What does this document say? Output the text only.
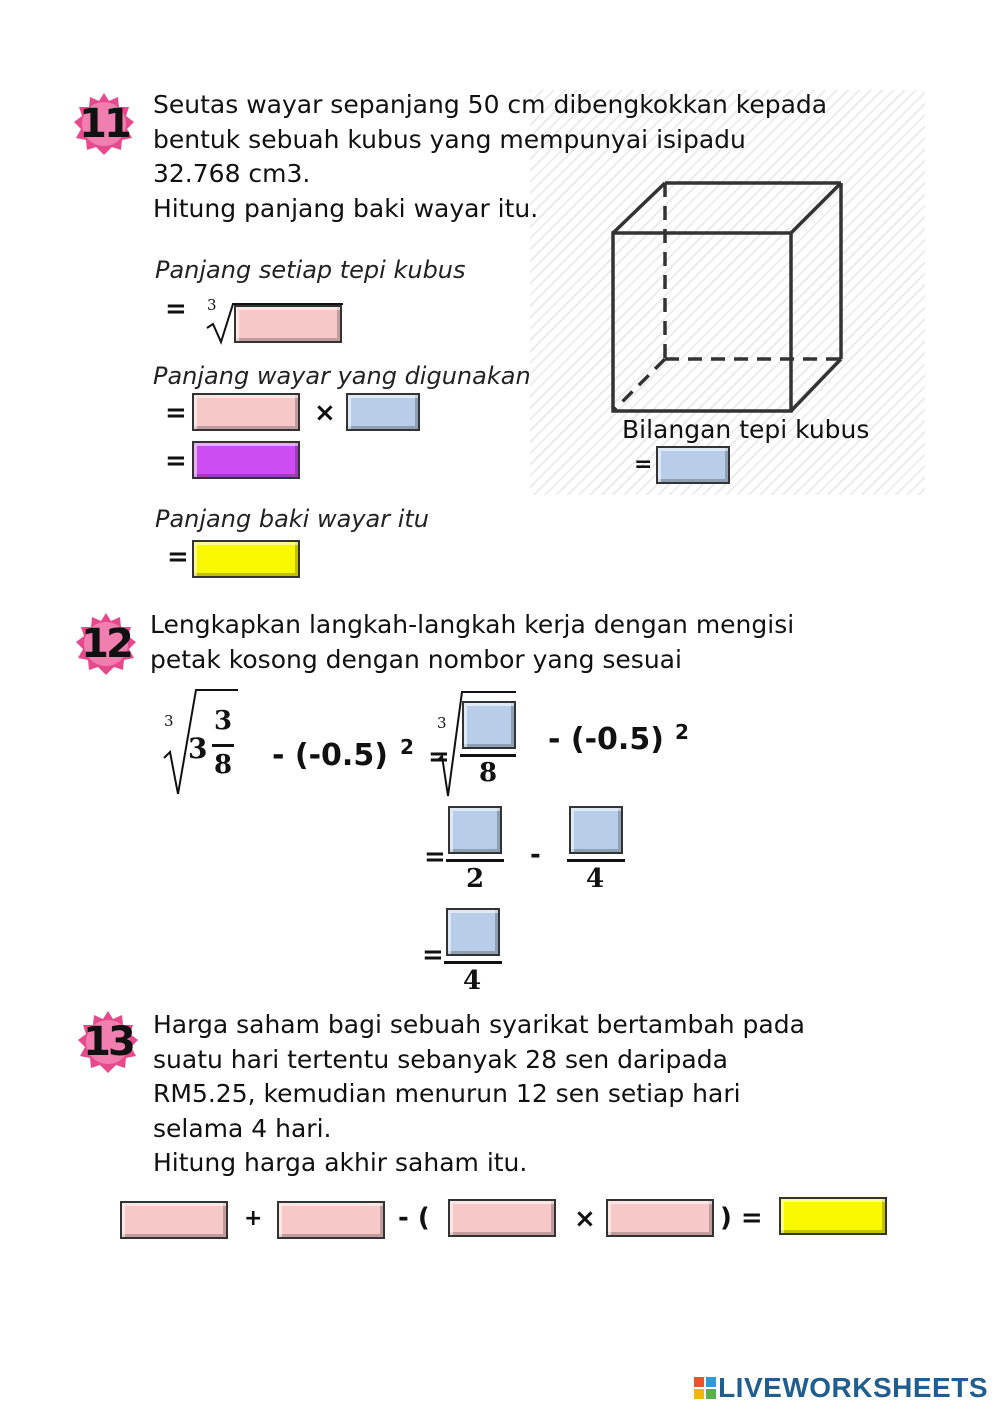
11 Seutas wayar sepanjang 50 cm dibengkokkan kepada
bentuk sebuah kubus yang mempunyai isipadu
32.768 cm3.
Hitung panjang baki wayar itu.
Panjang setiap tepi kubus
= 3
Panjang wayar yang digunakan
=	×
=
Bilangan tepi kubus
=
Panjang baki wayar itu
=
12 Lengkapkan langkah-langkah kerja dengan mengisi
petak kosong dengan nombor yang sesuai
3
3
3
8 - (-0.5) 2 =
3
8
- (-0.5) 2
=
2
-
4
=
4
13 Harga saham bagi sebuah syarikat bertambah pada
suatu hari tertentu sebanyak 28 sen daripada
RM5.25, kemudian menurun 12 sen setiap hari
selama 4 hari.
Hitung harga akhir saham itu.
+	- (	×	) =
LIVEWORKSHEETS
